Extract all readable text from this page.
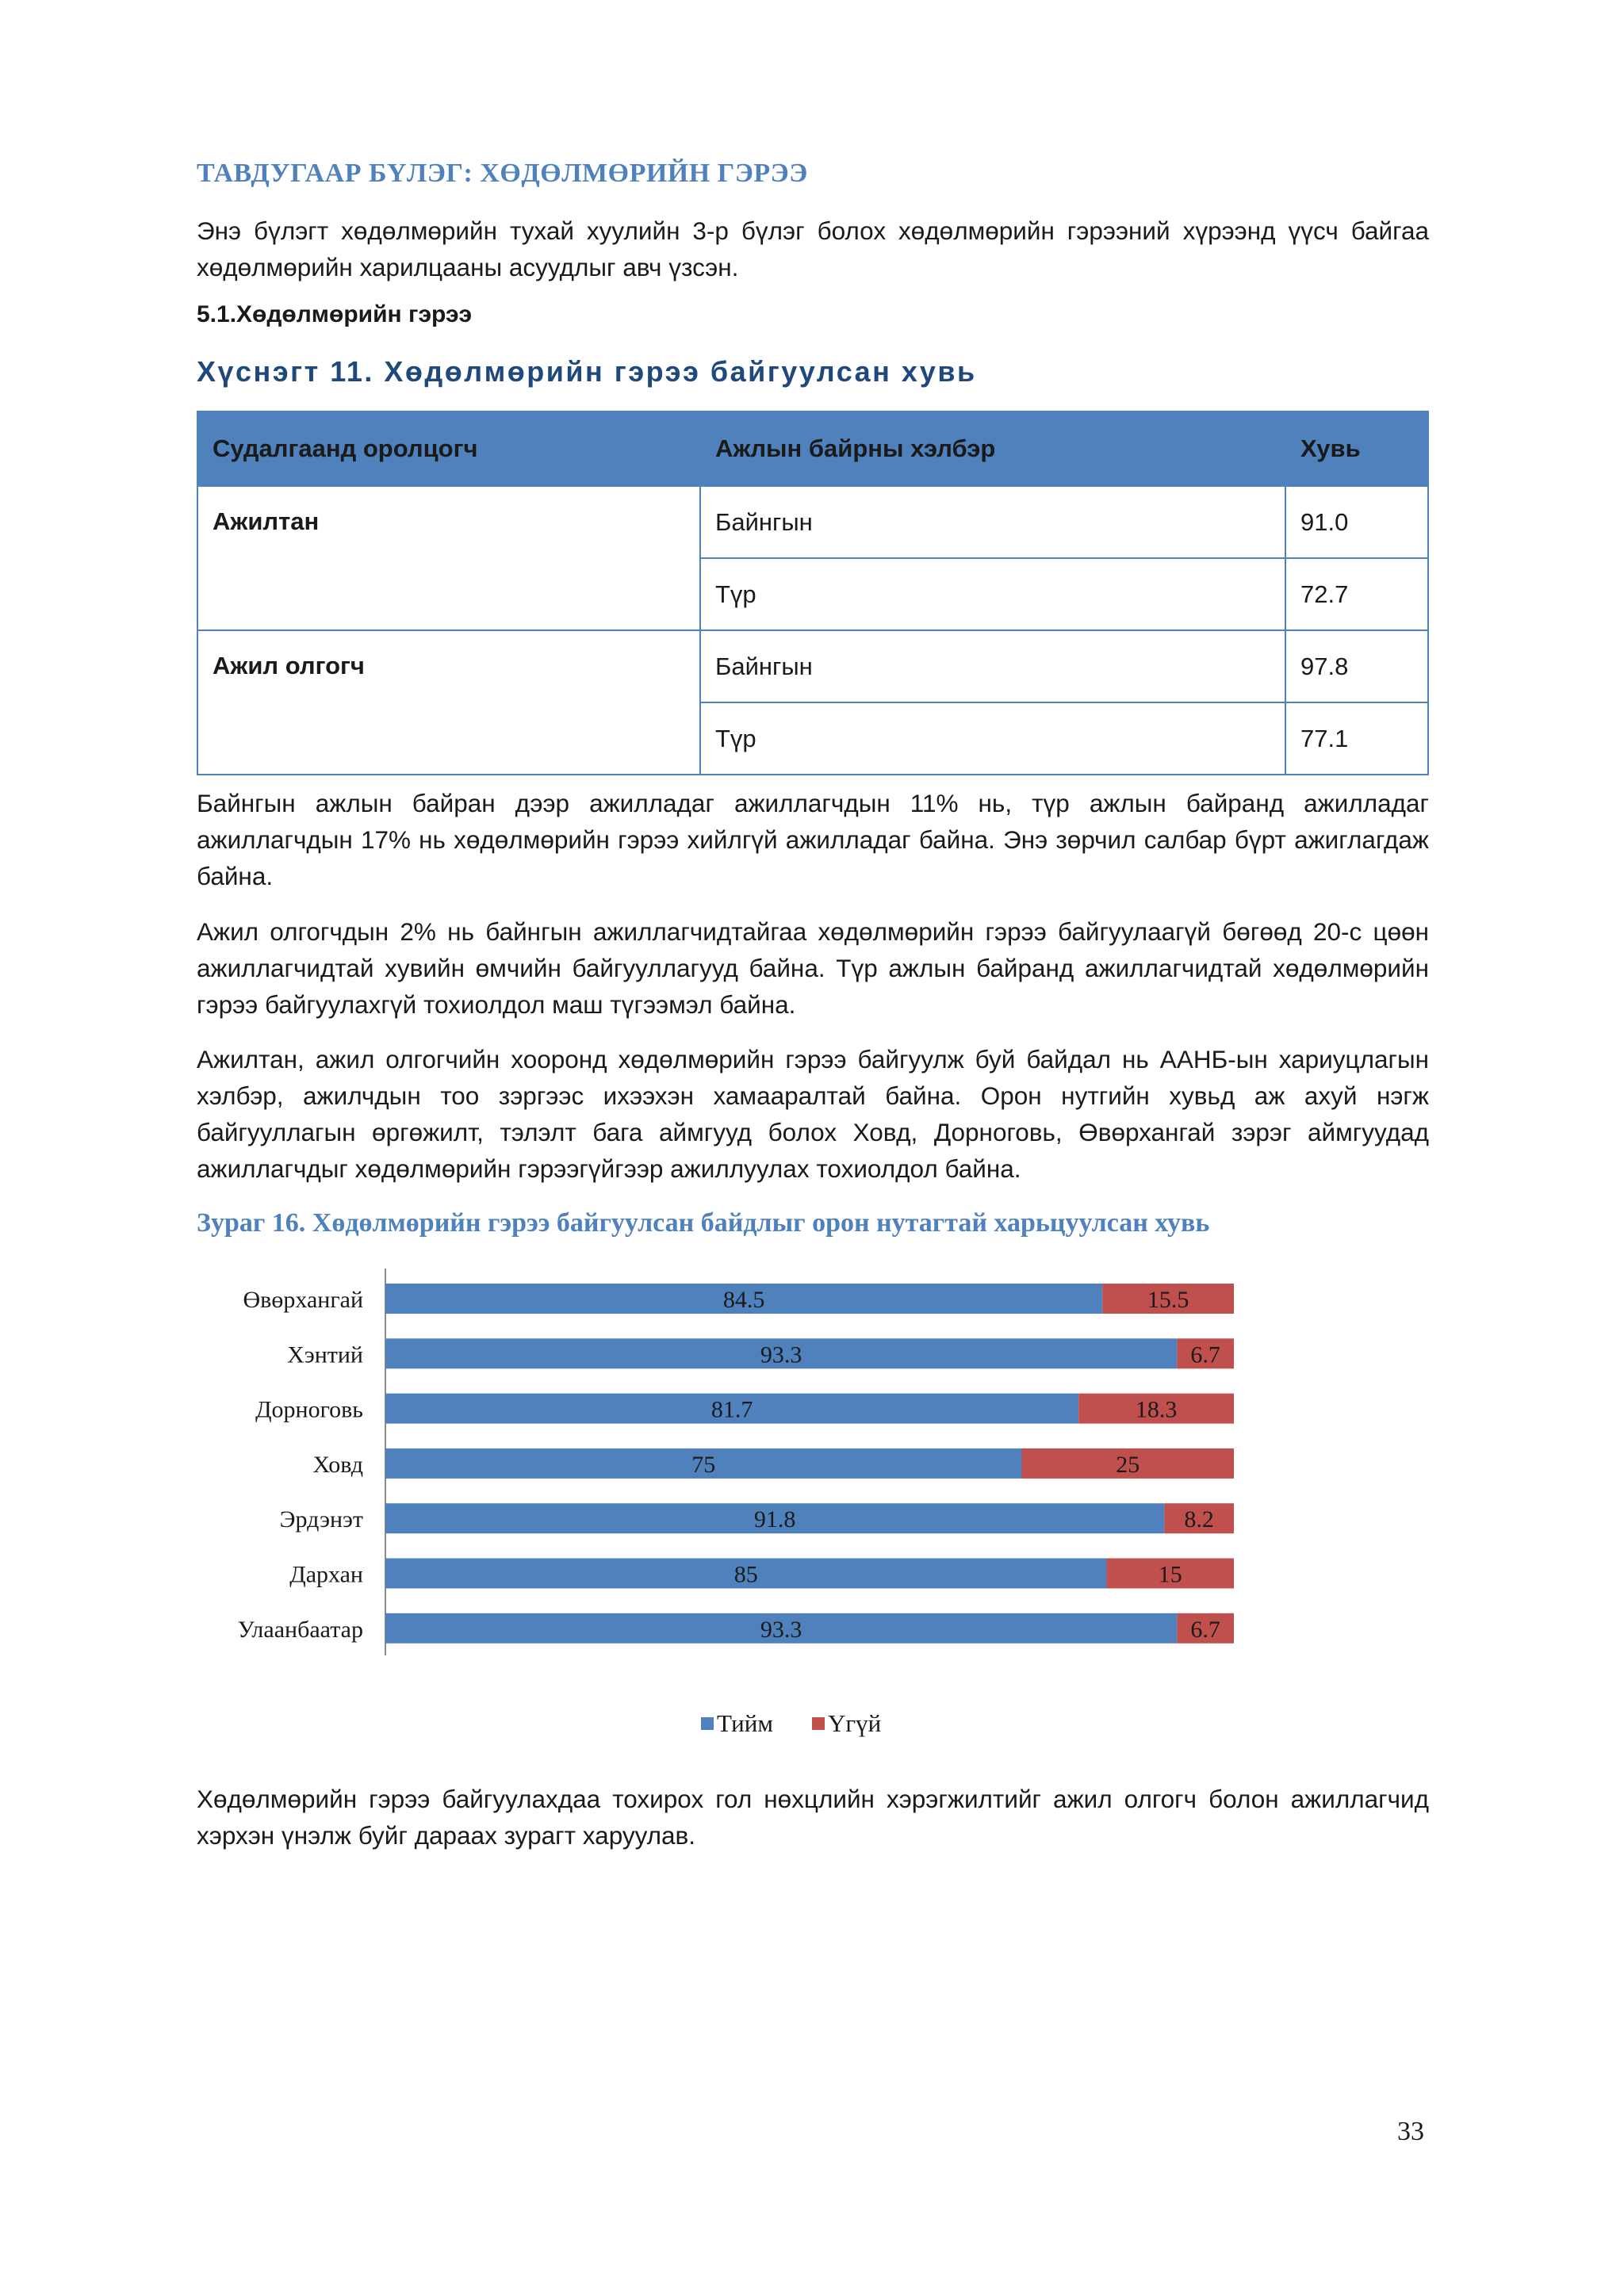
ТАВДУГААР БҮЛЭГ: ХӨДӨЛМӨРИЙН ГЭРЭЭ

Энэ бүлэгт хөдөлмөрийн тухай хуулийн 3-р бүлэг болох хөдөлмөрийн гэрээний хүрээнд үүсч байгаа хөдөлмөрийн харилцааны асуудлыг авч үзсэн.

5.1.Хөдөлмөрийн гэрээ
Хүснэгт 11. Хөдөлмөрийн гэрээ байгуулсан хувь
Судалгаанд оролцогч	Ажлын байрны хэлбэр	Хувь
Ажилтан	Байнгын	91.0
	Түр	72.7
Ажил олгогч	Байнгын	97.8
	Түр	77.1

Байнгын ажлын байран дээр ажилладаг ажиллагчдын 11% нь, түр ажлын байранд ажилладаг ажиллагчдын 17% нь хөдөлмөрийн гэрээ хийлгүй ажилладаг байна. Энэ зөрчил салбар бүрт ажиглагдаж байна.

Ажил олгогчдын 2% нь байнгын ажиллагчидтайгаа хөдөлмөрийн гэрээ байгуулаагүй бөгөөд 20-с цөөн ажиллагчидтай хувийн өмчийн байгууллагууд байна. Түр ажлын байранд ажиллагчидтай хөдөлмөрийн гэрээ байгуулахгүй тохиолдол маш түгээмэл байна.

Ажилтан, ажил олгогчийн хооронд хөдөлмөрийн гэрээ байгуулж буй байдал нь ААНБ-ын хариуцлагын хэлбэр, ажилчдын тоо зэргээс ихээхэн хамааралтай байна. Орон нутгийн хувьд аж ахуй нэгж байгууллагын өргөжилт, тэлэлт бага аймгууд болох Ховд, Дорноговь, Өвөрхангай зэрэг аймгуудад ажиллагчдыг хөдөлмөрийн гэрээгүйгээр ажиллуулах тохиолдол байна.

Зураг 16. Хөдөлмөрийн гэрээ байгуулсан байдлыг орон нутагтай харьцуулсан хувь
Өвөрхангай	84.5	15.5
Хэнтий	93.3	6.7
Дорноговь	81.7	18.3
Ховд	75	25
Эрдэнэт	91.8	8.2
Дархан	85	15
Улаанбаатар	93.3	6.7
Тийм Үгүй

Хөдөлмөрийн гэрээ байгуулахдаа тохирох гол нөхцлийн хэрэгжилтийг ажил олгогч болон ажиллагчид хэрхэн үнэлж буйг дараах зурагт харуулав.

33
